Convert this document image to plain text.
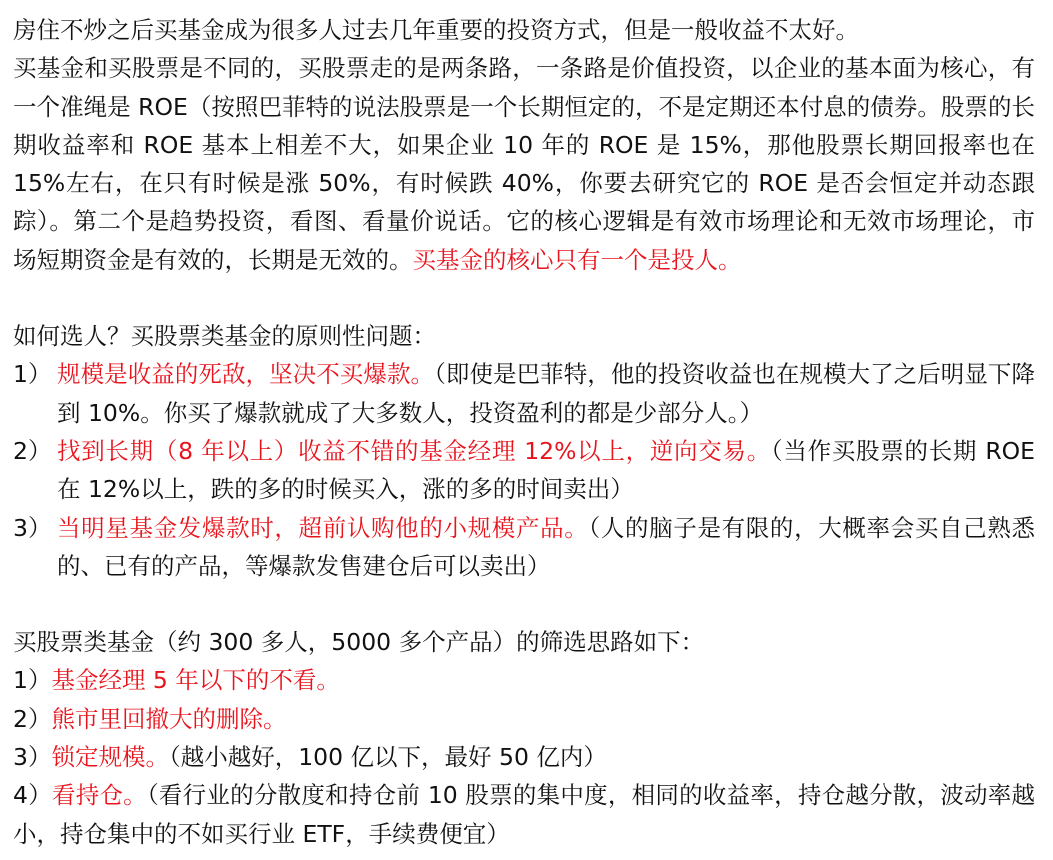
房住不炒之后买基金成为很多人过去几年重要的投资方式，但是一般收益不太好。

买基金和买股票是不同的，买股票走的是两条路，一条路是价值投资，以企业的基本面为核心，有一个准绳是 ROE（按照巴菲特的说法股票是一个长期恒定的，不是定期还本付息的债券。股票的长期收益率和 ROE 基本上相差不大，如果企业 10 年的 ROE 是 15%，那他股票长期回报率也在 15%左右，在只有时候是涨 50%，有时候跌 40%，你要去研究它的 ROE 是否会恒定并动态跟踪）。第二个是趋势投资，看图、看量价说话。它的核心逻辑是有效市场理论和无效市场理论，市场短期资金是有效的，长期是无效的。买基金的核心只有一个是投人。

如何选人？买股票类基金的原则性问题：

1） 规模是收益的死敌，坚决不买爆款。（即使是巴菲特，他的投资收益也在规模大了之后明显下降到 10%。你买了爆款就成了大多数人，投资盈利的都是少部分人。）
2） 找到长期（8 年以上）收益不错的基金经理 12%以上，逆向交易。（当作买股票的长期 ROE 在 12%以上，跌的多的时候买入，涨的多的时间卖出）
3） 当明星基金发爆款时，超前认购他的小规模产品。（人的脑子是有限的，大概率会买自己熟悉的、已有的产品，等爆款发售建仓后可以卖出）

买股票类基金（约 300 多人，5000 多个产品）的筛选思路如下：

1）基金经理 5 年以下的不看。

2）熊市里回撤大的删除。

3）锁定规模。（越小越好，100 亿以下，最好 50 亿内）

4）看持仓。（看行业的分散度和持仓前 10 股票的集中度，相同的收益率，持仓越分散，波动率越小，持仓集中的不如买行业 ETF，手续费便宜）
